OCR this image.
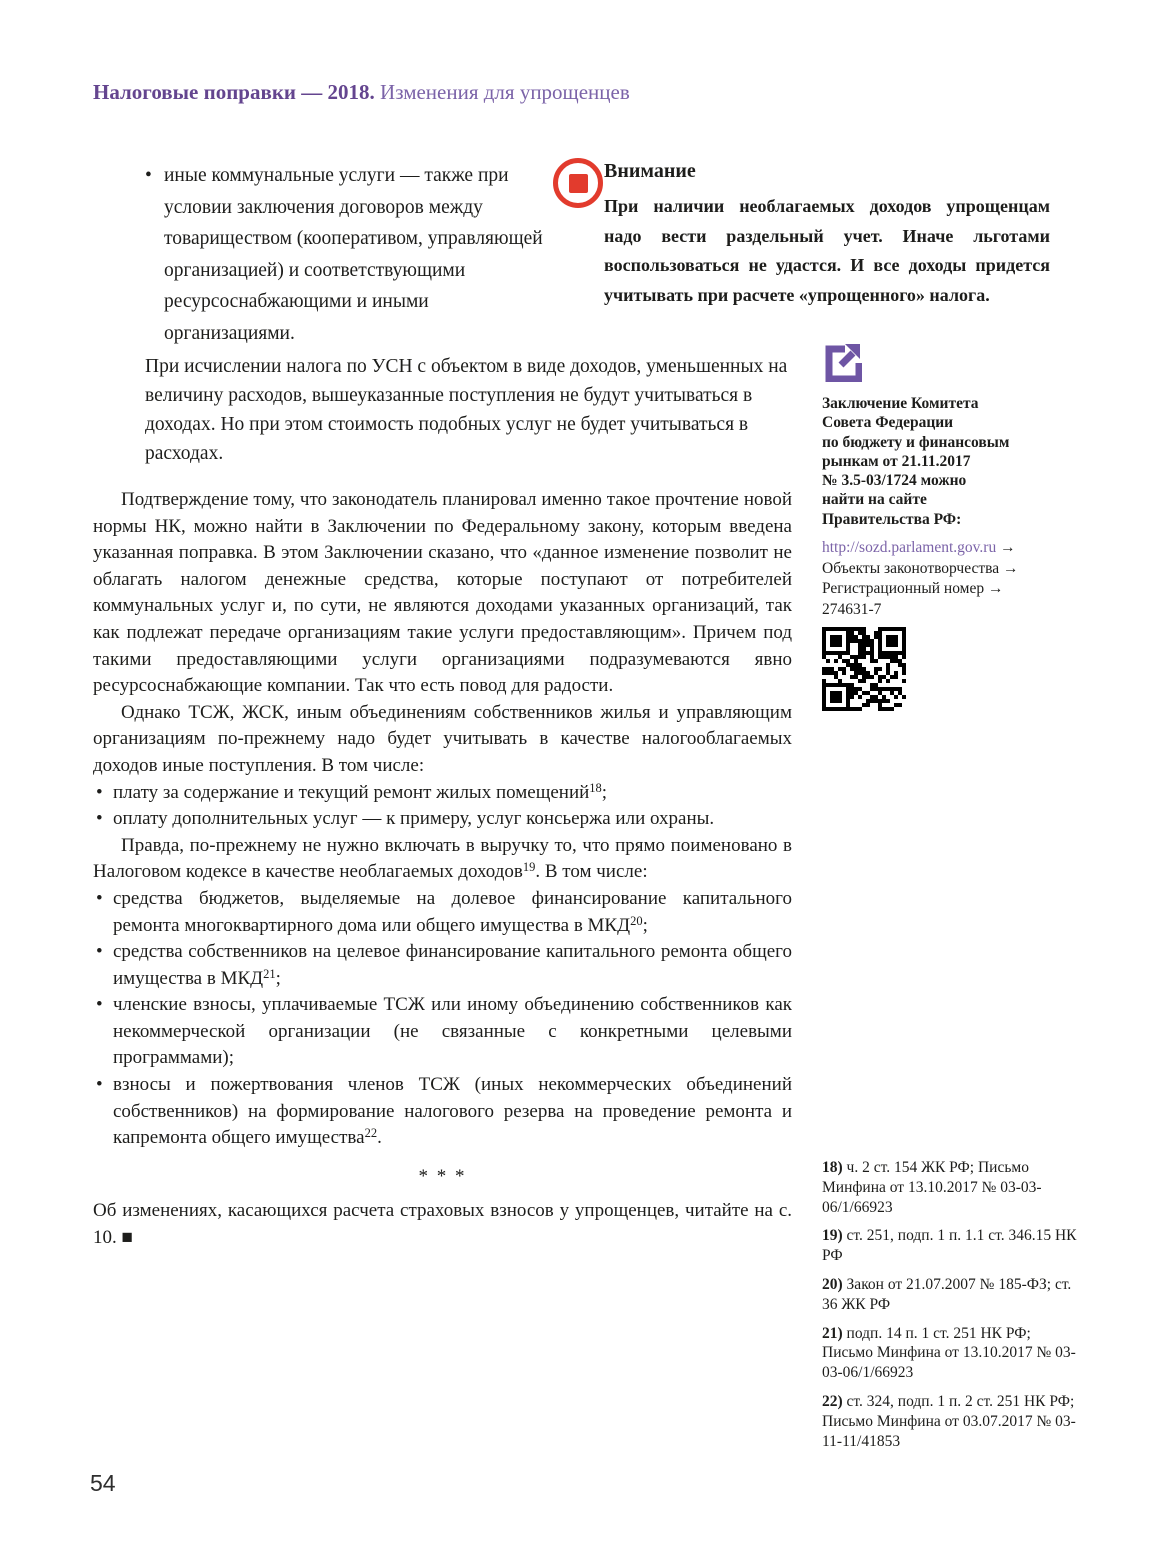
Налоговые поправки — 2018. Изменения для упрощенцев
• иные коммунальные услуги — также при условии заключения договоров между товариществом (кооперативом, управляющей организацией) и соответствующими ресурсоснабжающими и иными организациями.
Внимание
При наличии необлагаемых доходов упрощенцам надо вести раздельный учет. Иначе льготами воспользоваться не удастся. И все доходы придется учитывать при расчете «упрощенного» налога.
При исчислении налога по УСН с объектом в виде доходов, уменьшенных на величину расходов, вышеуказанные поступления не будут учитываться в доходах. Но при этом стоимость подобных услуг не будет учитываться в расходах.

Подтверждение тому, что законодатель планировал именно такое прочтение новой нормы НК, можно найти в Заключении по Федеральному закону, которым введена указанная поправка. В этом Заключении сказано, что «данное изменение позволит не облагать налогом денежные средства, которые поступают от потребителей коммунальных услуг и, по сути, не являются доходами указанных организаций, так как подлежат передаче организациям такие услуги предоставляющим». Причем под такими предоставляющими услуги организациями подразумеваются явно ресурсоснабжающие компании. Так что есть повод для радости.

Однако ТСЖ, ЖСК, иным объединениям собственников жилья и управляющим организациям по-прежнему надо будет учитывать в качестве налогооблагаемых доходов иные поступления. В том числе:

• плату за содержание и текущий ремонт жилых помещений$^{18}$;
• оплату дополнительных услуг — к примеру, услуг консьержа или охраны.

Правда, по-прежнему не нужно включать в выручку то, что прямо поименовано в Налоговом кодексе в качестве необлагаемых доходов$^{19}$. В том числе:

• средства бюджетов, выделяемые на долевое финансирование капитального ремонта многоквартирного дома или общего имущества в МКД$^{20}$;
• средства собственников на целевое финансирование капитального ремонта общего имущества в МКД$^{21}$;
• членские взносы, уплачиваемые ТСЖ или иному объединению собственников как некоммерческой организации (не связанные с конкретными целевыми программами);
• взносы и пожертвования членов ТСЖ (иных некоммерческих объединений собственников) на формирование налогового резерва на проведение ремонта и капремонта общего имущества$^{22}$.
* * *

Об изменениях, касающихся расчета страховых взносов у упрощенцев, читайте на с. 10. ■

Заключение Комитета
Совета Федерации
по бюджету и финансовым
рынкам от 21.11.2017
№ 3.5-03/1724 можно
найти на сайте
Правительства РФ:
http://sozd.parlament.gov.ru →
Объекты законотворчества →
Регистрационный номер →
274631-7

18) ч. 2 ст. 154 ЖК РФ; Письмо Минфина от 13.10.2017 № 03-03-06/1/66923

19) ст. 251, подп. 1 п. 1.1 ст. 346.15 НК РФ

20) Закон от 21.07.2007 № 185-ФЗ; ст. 36 ЖК РФ

21) подп. 14 п. 1 ст. 251 НК РФ; Письмо Минфина от 13.10.2017 № 03-03-06/1/66923

22) ст. 324, подп. 1 п. 2 ст. 251 НК РФ; Письмо Минфина от 03.07.2017 № 03-11-11/41853

54
